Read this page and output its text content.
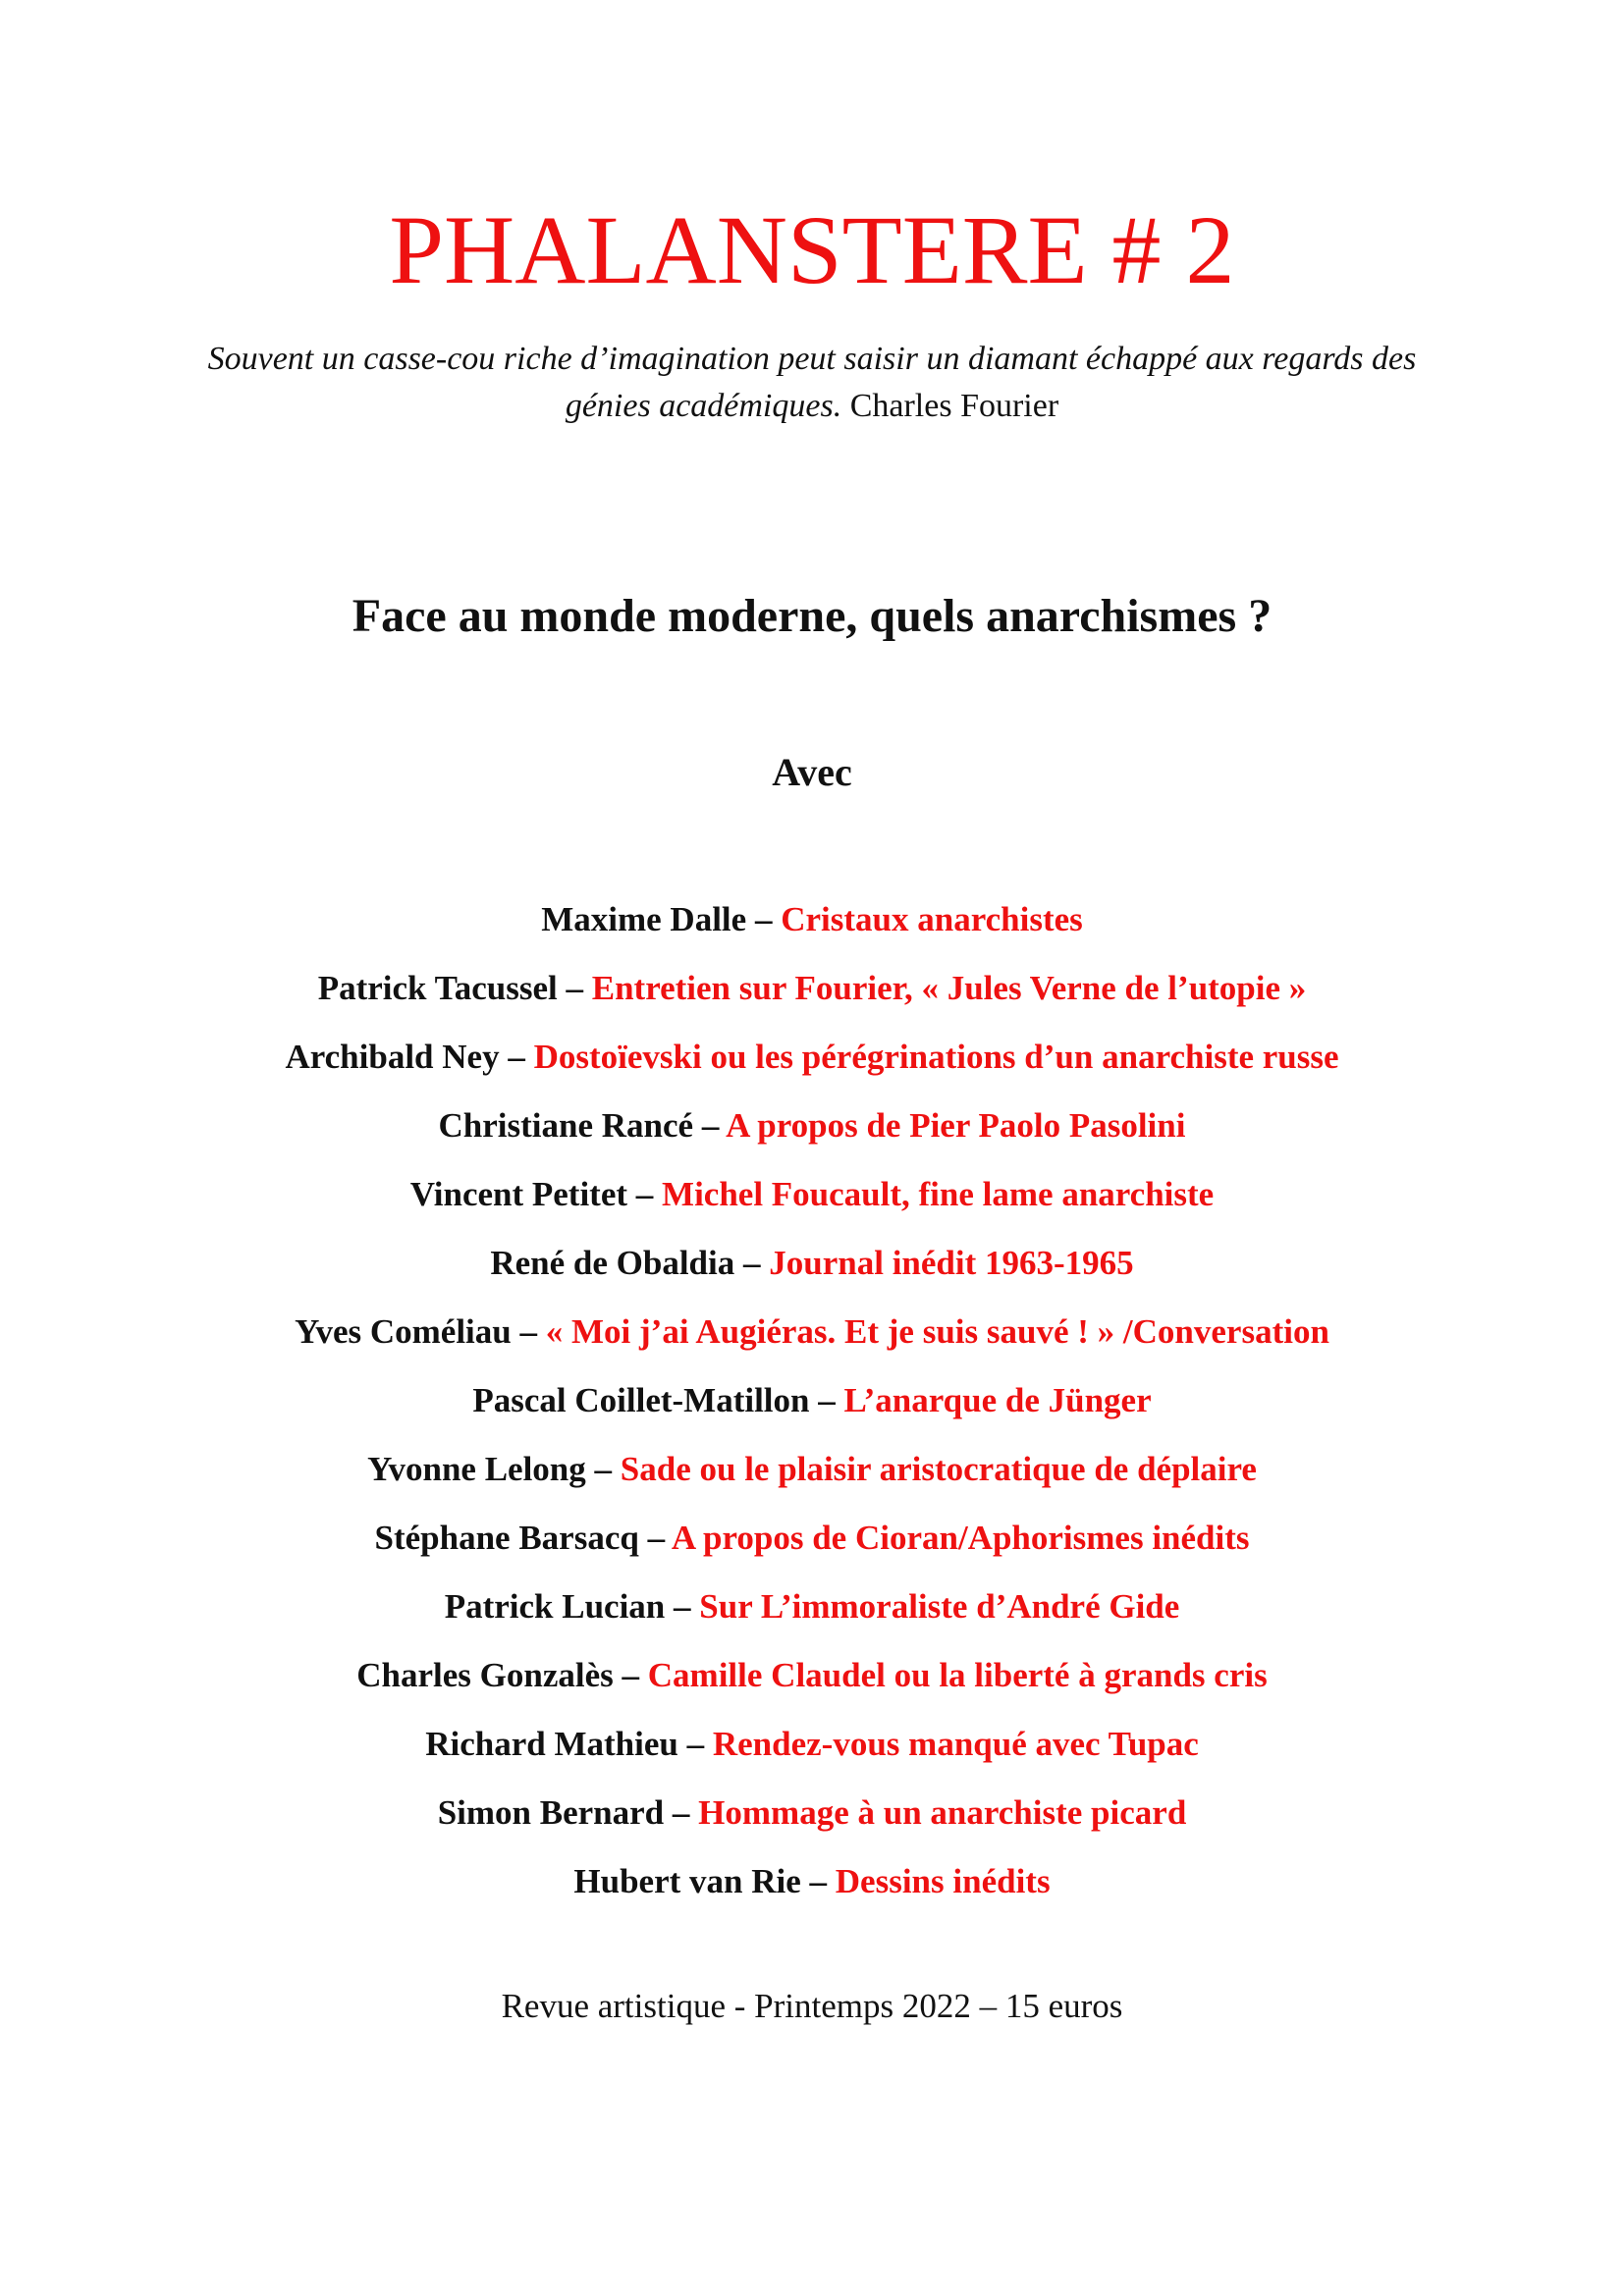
PHALANSTERE # 2
Souvent un casse-cou riche d’imagination peut saisir un diamant échappé aux regards des génies académiques. Charles Fourier
Face au monde moderne, quels anarchismes ?
Avec
Maxime Dalle – Cristaux anarchistes
Patrick Tacussel – Entretien sur Fourier, « Jules Verne de l’utopie »
Archibald Ney – Dostoïevski ou les pérégrinations d’un anarchiste russe
Christiane Rancé – A propos de Pier Paolo Pasolini
Vincent Petitet – Michel Foucault, fine lame anarchiste
René de Obaldia – Journal inédit 1963-1965
Yves Coméliau – « Moi j’ai Augiéras. Et je suis sauvé ! » /Conversation
Pascal Coillet-Matillon – L’anarque de Jünger
Yvonne Lelong – Sade ou le plaisir aristocratique de déplaire
Stéphane Barsacq – A propos de Cioran/Aphorismes inédits
Patrick Lucian – Sur L’immoraliste d’André Gide
Charles Gonzalès – Camille Claudel ou la liberté à grands cris
Richard Mathieu – Rendez-vous manqué avec Tupac
Simon Bernard – Hommage à un anarchiste picard
Hubert van Rie – Dessins inédits
Revue artistique - Printemps 2022 – 15 euros
